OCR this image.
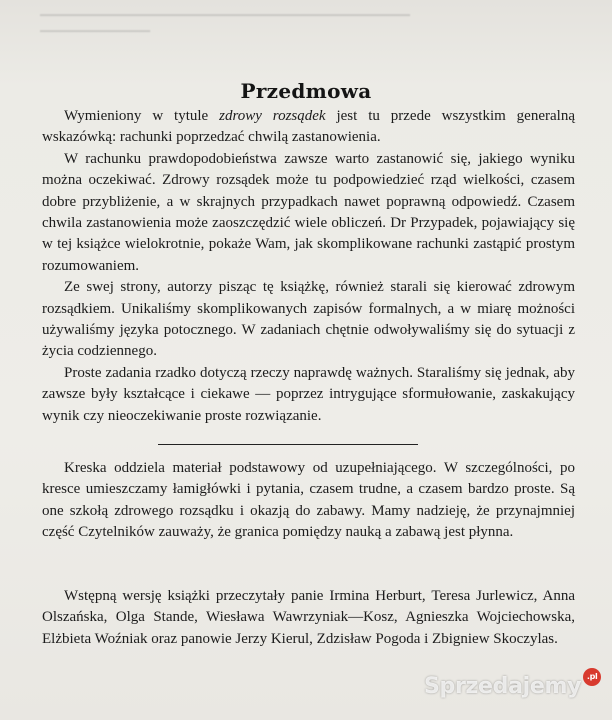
▁▁▁▁▁▁▁▁▁▁▁▁▁▁▁▁▁▁▁▁▁▁▁▁▁▁▁▁▁▁▁▁▁▁▁▁▁
▁▁▁▁▁▁▁▁▁▁▁
Przedmowa

Wymieniony w tytule zdrowy rozsądek jest tu przede wszystkim generalną wskazówką: rachunki poprzedzać chwilą zastanowienia.

W rachunku prawdopodobieństwa zawsze warto zastanowić się, jakiego wyniku można oczekiwać. Zdrowy rozsądek może tu podpowiedzieć rząd wielkości, czasem dobre przybliżenie, a w skrajnych przypadkach nawet poprawną odpowiedź. Czasem chwila zastanowienia może zaoszczędzić wiele obliczeń. Dr Przypadek, pojawiający się w tej książce wielokrotnie, pokaże Wam, jak skomplikowane rachunki zastąpić prostym rozumowaniem.

Ze swej strony, autorzy pisząc tę książkę, również starali się kierować zdrowym rozsądkiem. Unikaliśmy skomplikowanych zapisów formalnych, a w miarę możności używaliśmy języka potocznego. W zadaniach chętnie odwoływaliśmy się do sytuacji z życia codziennego.

Proste zadania rzadko dotyczą rzeczy naprawdę ważnych. Staraliśmy się jednak, aby zawsze były kształcące i ciekawe — poprzez intrygujące sformułowanie, zaskakujący wynik czy nieoczekiwanie proste rozwiązanie.

Kreska oddziela materiał podstawowy od uzupełniającego. W szczególności, po kresce umieszczamy łamigłówki i pytania, czasem trudne, a czasem bardzo proste. Są one szkołą zdrowego rozsądku i okazją do zabawy. Mamy nadzieję, że przynajmniej część Czytelników zauważy, że granica pomiędzy nauką a zabawą jest płynna.

Wstępną wersję książki przeczytały panie Irmina Herburt, Teresa Jurlewicz, Anna Olszańska, Olga Stande, Wiesława Wawrzyniak—Kosz, Agnieszka Wojciechowska, Elżbieta Woźniak oraz panowie Jerzy Kierul, Zdzisław Pogoda i Zbigniew Skoczylas.

Sprzedajemy .pl
